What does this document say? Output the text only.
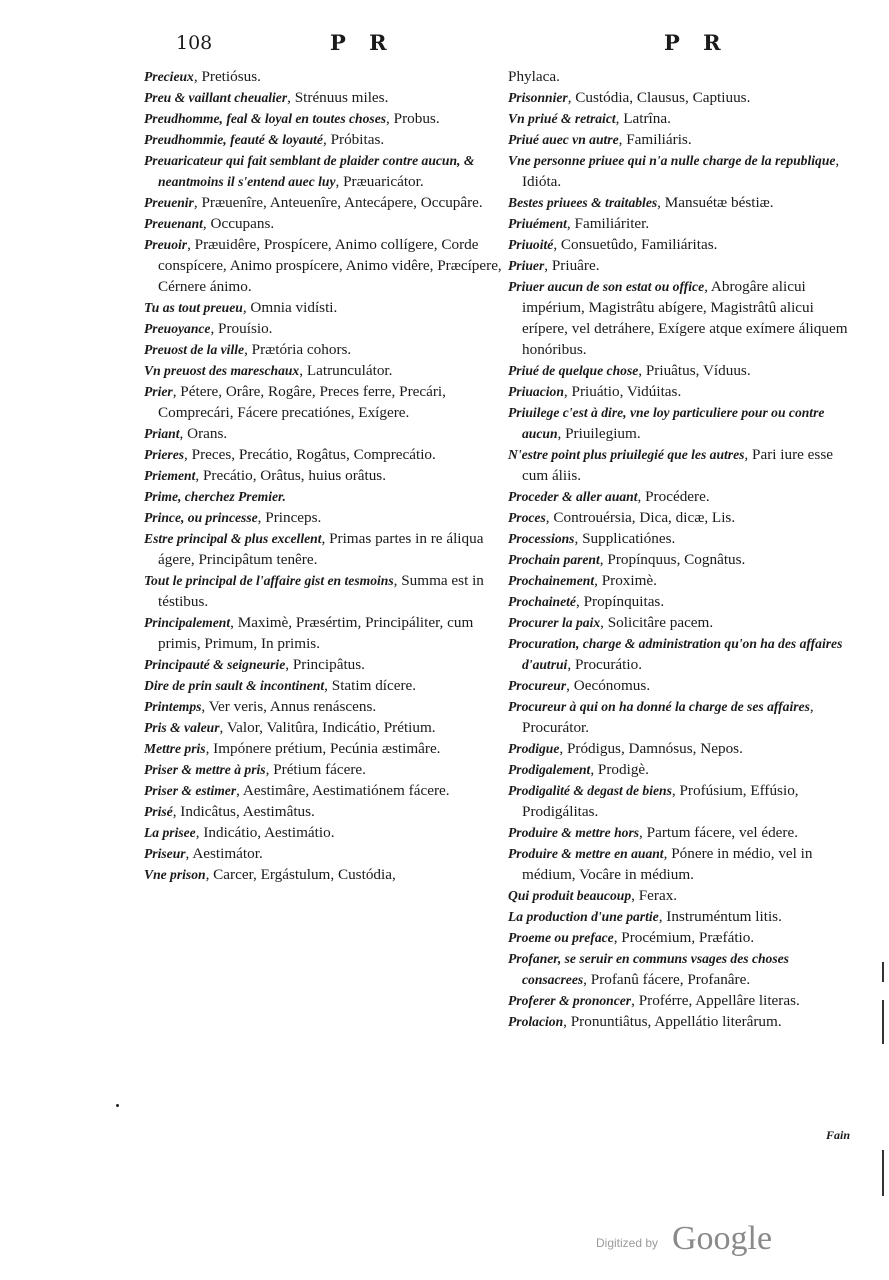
108	P R	P R
Precieux, Pretiósus.
Preu & vaillant cheualier, Strénuus miles.
Preudhomme, feal & loyal en toutes choses, Probus.
Preudhommie, feauté & loyauté, Próbitas.
Preuaricateur qui fait semblant de plaider contre aucun, & neantmoins il s'entend auec luy, Præuaricátor.
Preuenir, Præuenîre, Anteuenîre, Antecápere, Occupâre.
Preuenant, Occupans.
Preuoir, Præuidêre, Prospícere, Animo collígere, Corde conspícere, Animo prospícere, Animo vidêre, Præcípere, Cérnere ánimo.
Tu as tout preueu, Omnia vidísti.
Preuoyance, Prouísio.
Preuost de la ville, Prætória cohors.
Vn preuost des mareschaux, Latrunculátor.
Prier, Pétere, Orâre, Rogâre, Preces ferre, Precári, Comprecári, Fácere precatiónes, Exígere.
Priant, Orans.
Prieres, Preces, Precátio, Rogâtus, Comprecátio.
Priement, Precátio, Orâtus, huius orâtus.
Prime, cherchez Premier.
Prince, ou princesse, Princeps.
Estre principal & plus excellent, Primas partes in re áliqua ágere, Principâtum tenêre.
Tout le principal de l'affaire gist en tesmoins, Summa est in téstibus.
Principalement, Maximè, Præsértim, Principáliter, cum primis, Primum, In primis.
Principauté & seigneurie, Principâtus.
Dire de prin sault & incontinent, Statim dícere.
Printemps, Ver veris, Annus renáscens.
Pris & valeur, Valor, Valitûra, Indicátio, Prétium.
Mettre pris, Impónere prétium, Pecúnia æstimâre.
Priser & mettre à pris, Prétium fácere.
Priser & estimer, Aestimâre, Aestimatiónem fácere.
Prisé, Indicâtus, Aestimâtus.
La prisee, Indicátio, Aestimátio.
Priseur, Aestimátor.
Vne prison, Carcer, Ergástulum, Custódia,
Phylaca.
Prisonnier, Custódia, Clausus, Captiuus.
Vn priué & retraict, Latrîna.
Priué auec vn autre, Familiáris.
Vne personne priuee qui n'a nulle charge de la republique, Idióta.
Bestes priuees & traitables, Mansuétæ béstiæ.
Priuément, Familiáriter.
Priuoité, Consuetûdo, Familiáritas.
Priuer, Priuâre.
Priuer aucun de son estat ou office, Abrogâre alicui impérium, Magistrâtu abígere, Magistrâtû alicui erípere, vel detráhere, Exígere atque exímere áliquem honóribus.
Priué de quelque chose, Priuâtus, Víduus.
Priuacion, Priuátio, Vidúitas.
Priuilege c'est à dire, vne loy particuliere pour ou contre aucun, Priuilegium.
N'estre point plus priuilegié que les autres, Pari iure esse cum áliis.
Proceder & aller auant, Procédere.
Proces, Controuérsia, Dica, dicæ, Lis.
Processions, Supplicatiónes.
Prochain parent, Propínquus, Cognâtus.
Prochainement, Proximè.
Prochaineté, Propínquitas.
Procurer la paix, Solicitâre pacem.
Procuration, charge & administration qu'on ha des affaires d'autrui, Procurátio.
Procureur, Oecónomus.
Procureur à qui on ha donné la charge de ses affaires, Procurátor.
Prodigue, Pródigus, Damnósus, Nepos.
Prodigalement, Prodigè.
Prodigalité & degast de biens, Profúsium, Effúsio, Prodigálitas.
Produire & mettre hors, Partum fácere, vel édere.
Produire & mettre en auant, Pónere in médio, vel in médium, Vocâre in médium.
Qui produit beaucoup, Ferax.
La production d'une partie, Instruméntum litis.
Proeme ou preface, Procémium, Præfátio.
Profaner, se seruir en communs vsages des choses consacrees, Profanû fácere, Profanâre.
Proferer & prononcer, Proférre, Appellâre literas.
Prolacion, Pronuntiâtus, Appellátio literârum.
Fain
Digitized by Google
